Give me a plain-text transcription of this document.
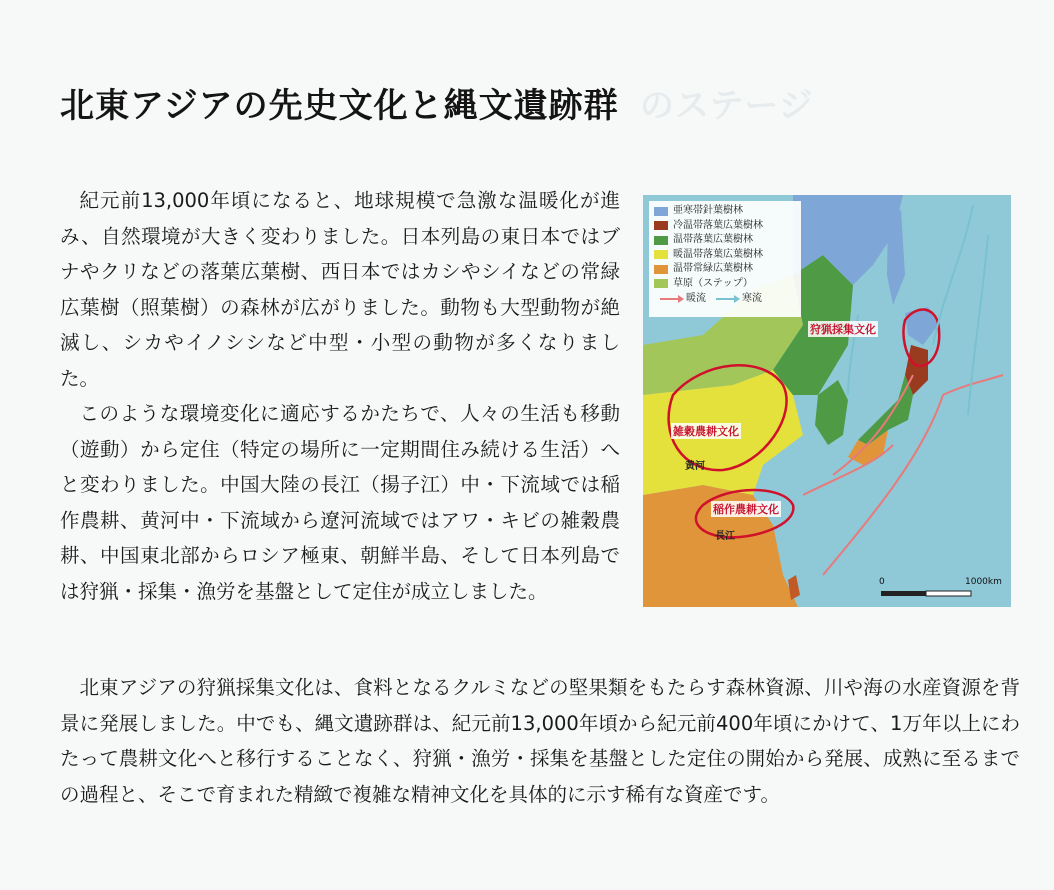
のステージ
北東アジアの先史文化と縄文遺跡群

紀元前13,000年頃になると、地球規模で急激な温暖化が進み、自然環境が大きく変わりました。日本列島の東日本ではブナやクリなどの落葉広葉樹、西日本ではカシやシイなどの常緑広葉樹（照葉樹）の森林が広がりました。動物も大型動物が絶滅し、シカやイノシシなど中型・小型の動物が多くなりました。

このような環境変化に適応するかたちで、人々の生活も移動（遊動）から定住（特定の場所に一定期間住み続ける生活）へと変わりました。中国大陸の長江（揚子江）中・下流域では稲作農耕、黄河中・下流域から遼河流域ではアワ・キビの雑穀農耕、中国東北部からロシア極東、朝鮮半島、そして日本列島では狩猟・採集・漁労を基盤として定住が成立しました。

亜寒帯針葉樹林
冷温帯落葉広葉樹林
温帯落葉広葉樹林
暖温帯落葉広葉樹林
温帯常緑広葉樹林
草原（ステップ）
暖流	寒流
狩猟採集文化
雑穀農耕文化
稲作農耕文化
黄河
長江
0	1000km

北東アジアの狩猟採集文化は、食料となるクルミなどの堅果類をもたらす森林資源、川や海の水産資源を背景に発展しました。中でも、縄文遺跡群は、紀元前13,000年頃から紀元前400年頃にかけて、1万年以上にわたって農耕文化へと移行することなく、狩猟・漁労・採集を基盤とした定住の開始から発展、成熟に至るまでの過程と、そこで育まれた精緻で複雑な精神文化を具体的に示す稀有な資産です。
